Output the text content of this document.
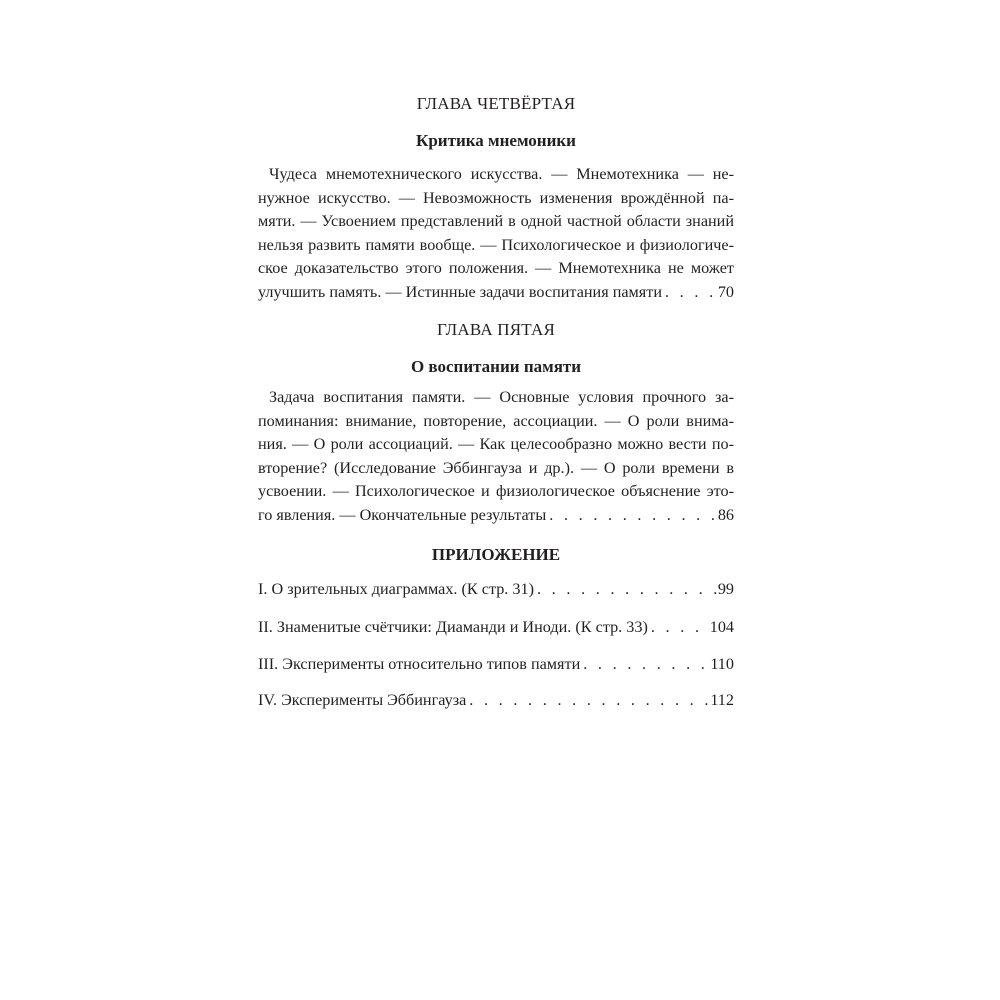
ГЛАВА ЧЕТВЁРТАЯ
Критика мнемоники
Чудеса мнемотехнического искусства. — Мнемотехника — не-
нужное искусство. — Невозможность изменения врождённой па-
мяти. — Усвоением представлений в одной частной области знаний
нельзя развить памяти вообще. — Психологическое и физиологиче-
ское доказательство этого положения. — Мнемотехника не может
улучшить память. — Истинные задачи воспитания памяти . . .	70
ГЛАВА ПЯТАЯ
О воспитании памяти
Задача воспитания памяти. — Основные условия прочного за-
поминания: внимание, повторение, ассоциации. — О роли внима-
ния. — О роли ассоциаций. — Как целесообразно можно вести по-
вторение? (Исследование Эббингауза и др.). — О роли времени в
усвоении. — Психологическое и физиологическое объяснение это-
го явления. — Окончательные результаты . . .	86
ПРИЛОЖЕНИЕ
I. О зрительных диаграммах. (К стр. 31) . . .	99
II. Знаменитые счётчики: Диаманди и Иноди. (К стр. 33) . . .	104
III. Эксперименты относительно типов памяти . . .	110
IV. Эксперименты Эббингауза . . .	112
